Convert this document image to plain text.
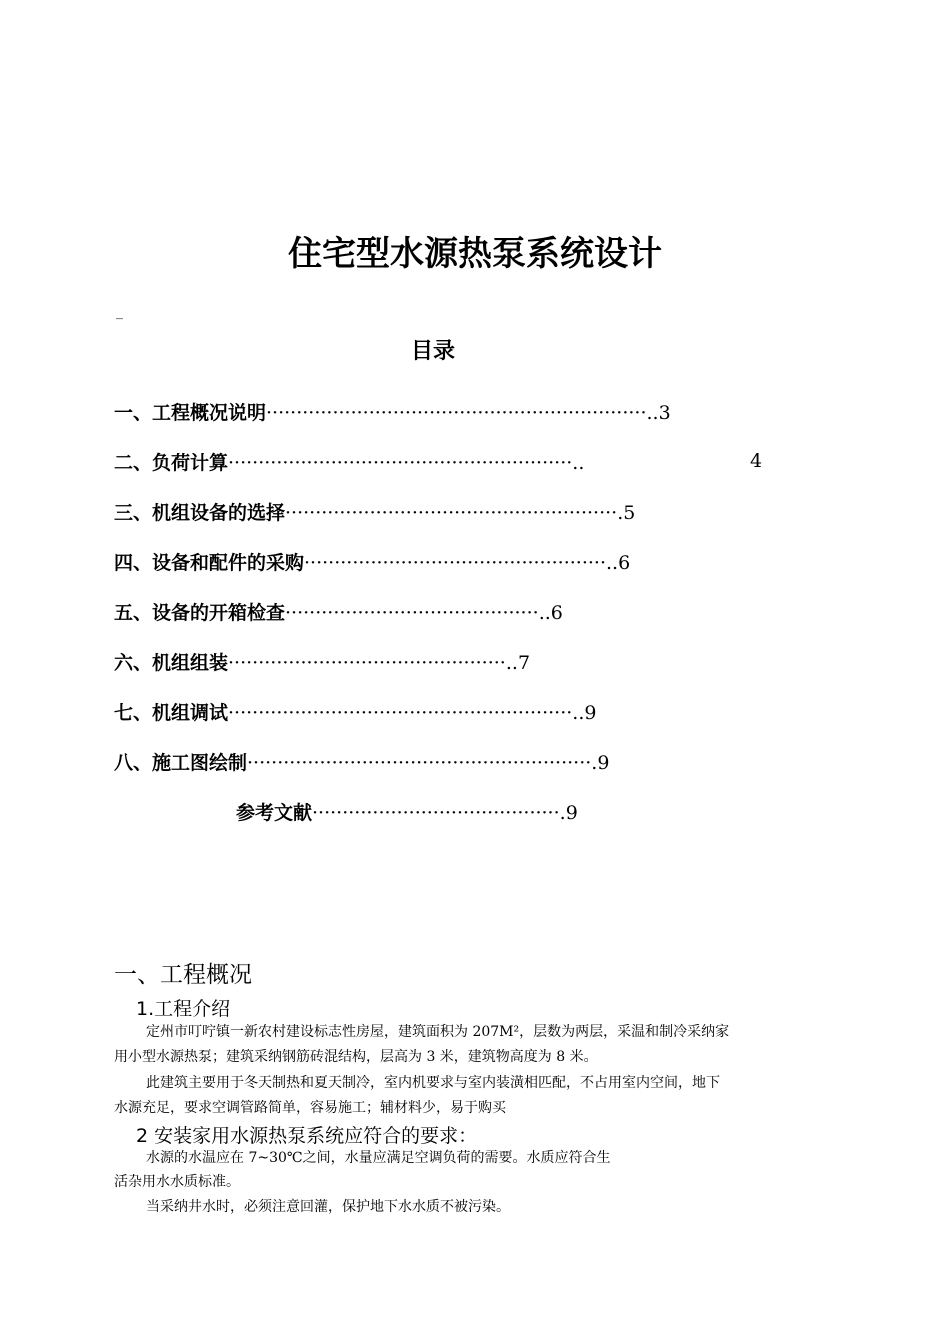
住宅型水源热泵系统设计
_
目录
一、工程概况说明·······························································..3
二、负荷计算·························································..	4
三、机组设备的选择·······················································.5
四、设备和配件的采购··················································..6
五、设备的开箱检查··········································..6
六、机组组装··············································..7
七、机组调试·························································..9
八、施工图绘制·························································.9
参考文献·········································.9
一、工程概况
1.工程介绍
定州市叮咛镇一新农村建设标志性房屋，建筑面积为 207M²，层数为两层，采温和制冷采纳家
用小型水源热泵；建筑采纳钢筋砖混结构，层高为 3 米，建筑物高度为 8 米。
此建筑主要用于冬天制热和夏天制冷，室内机要求与室内装潢相匹配，不占用室内空间，地下
水源充足，要求空调管路简单，容易施工；辅材料少，易于购买
2 安装家用水源热泵系统应符合的要求：
水源的水温应在 7~30℃之间，水量应满足空调负荷的需要。水质应符合生
活杂用水水质标准。
当采纳井水时，必须注意回灌，保护地下水水质不被污染。
